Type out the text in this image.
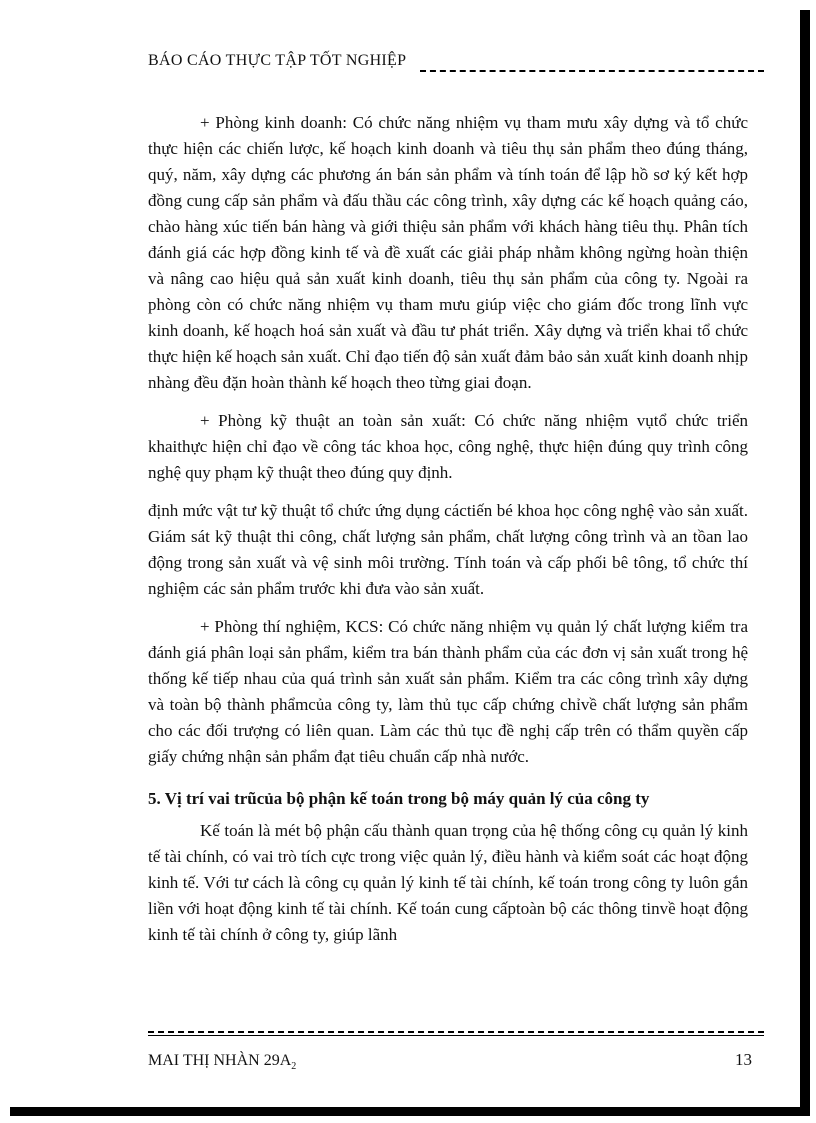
BÁO CÁO THỰC TẬP TỐT NGHIỆP

+ Phòng kinh doanh: Có chức năng nhiệm vụ tham mưu xây dựng và tổ chức thực hiện các chiến lược, kế hoạch kinh doanh và tiêu thụ sản phẩm theo đúng tháng, quý, năm, xây dựng các phương án bán sản phẩm và tính toán để lập hồ sơ ký kết hợp đồng cung cấp sản phẩm và đấu thầu các công trình, xây dựng các kế hoạch quảng cáo, chào hàng xúc tiến bán hàng và giới thiệu sản phẩm với khách hàng tiêu thụ. Phân tích đánh giá các hợp đồng kinh tế và đề xuất các giải pháp nhằm không ngừng hoàn thiện và nâng cao hiệu quả sản xuất kinh doanh, tiêu thụ sản phẩm của công ty. Ngoài ra phòng còn có chức năng nhiệm vụ tham mưu giúp việc cho giám đốc trong lĩnh vực kinh doanh, kế hoạch hoá sản xuất và đầu tư phát triển. Xây dựng và triển khai tổ chức thực hiện kế hoạch sản xuất. Chỉ đạo tiến độ sản xuất đảm bảo sản xuất kinh doanh nhịp nhàng đều đặn hoàn thành kế hoạch theo từng giai đoạn.

+ Phòng kỹ thuật an toàn sản xuất: Có chức năng nhiệm vụtổ chức triển khaithực hiện chỉ đạo về công tác khoa học, công nghệ, thực hiện đúng quy trình công nghệ quy phạm kỹ thuật theo đúng quy định.

định mức vật tư kỹ thuật tổ chức ứng dụng cáctiến bé khoa học công nghệ vào sản xuất. Giám sát kỹ thuật thi công, chất lượng sản phẩm, chất lượng công trình và an tồan lao động trong sản xuất và vệ sinh môi trường. Tính toán và cấp phối bê tông, tổ chức thí nghiệm các sản phẩm trước khi đưa vào sản xuất.

+ Phòng thí nghiệm, KCS: Có chức năng nhiệm vụ quản lý chất lượng kiểm tra đánh giá phân loại sản phẩm, kiểm tra bán thành phẩm của các đơn vị sản xuất trong hệ thống kế tiếp nhau của quá trình sản xuất sản phẩm. Kiểm tra các công trình xây dựng và toàn bộ thành phẩmcủa công ty, làm thủ tục cấp chứng chỉvề chất lượng sản phẩm cho các đối trượng có liên quan. Làm các thủ tục đề nghị cấp trên có thẩm quyền cấp giấy chứng nhận sản phẩm đạt tiêu chuẩn cấp nhà nước.

5. Vị trí vai trũcủa bộ phận kế toán trong bộ máy quản lý của công ty

Kế toán là mét bộ phận cấu thành quan trọng của hệ thống công cụ quản lý kinh tế tài chính, có vai trò tích cực trong việc quản lý, điều hành và kiểm soát các hoạt động kinh tế. Với tư cách là công cụ quản lý kinh tế tài chính, kế toán trong công ty luôn gắn liền với hoạt động kinh tế tài chính. Kế toán cung cấptoàn bộ các thông tinvề hoạt động kinh tế tài chính ở công ty, giúp lãnh

MAI THỊ NHÀN $29A_2$	13
